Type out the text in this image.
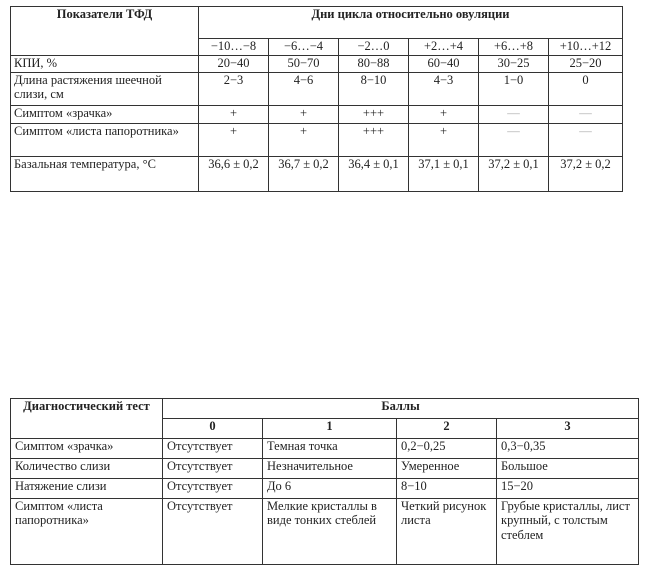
Показатели ТФД	Дни цикла относительно овуляции					
	−10…−8	−6…−4	−2…0	+2…+4	+6…+8	+10…+12
КПИ, %	20−40	50−70	80−88	60−40	30−25	25−20
Длина растяжения шеечной слизи, см	2−3	4−6	8−10	4−3	1−0	0
Симптом «зрачка»	+	+	+++	+	—	—
Симптом «листа папоротника»	+	+	+++	+	—	—
Базальная температура, °С	36,6 ± 0,2	36,7 ± 0,2	36,4 ± 0,1	37,1 ± 0,1	37,2 ± 0,1	37,2 ± 0,2
Диагностический тест	Баллы			
	0	1	2	3
Симптом «зрачка»	Отсутствует	Темная точка	0,2−0,25	0,3−0,35
Количество слизи	Отсутствует	Незначительное	Умеренное	Большое
Натяжение слизи	Отсутствует	До 6	8−10	15−20
Симптом «листа папоротника»	Отсутствует	Мелкие кристаллы в виде тонких стеблей	Четкий рисунок листа	Грубые кристаллы, лист крупный, с толстым стеблем
